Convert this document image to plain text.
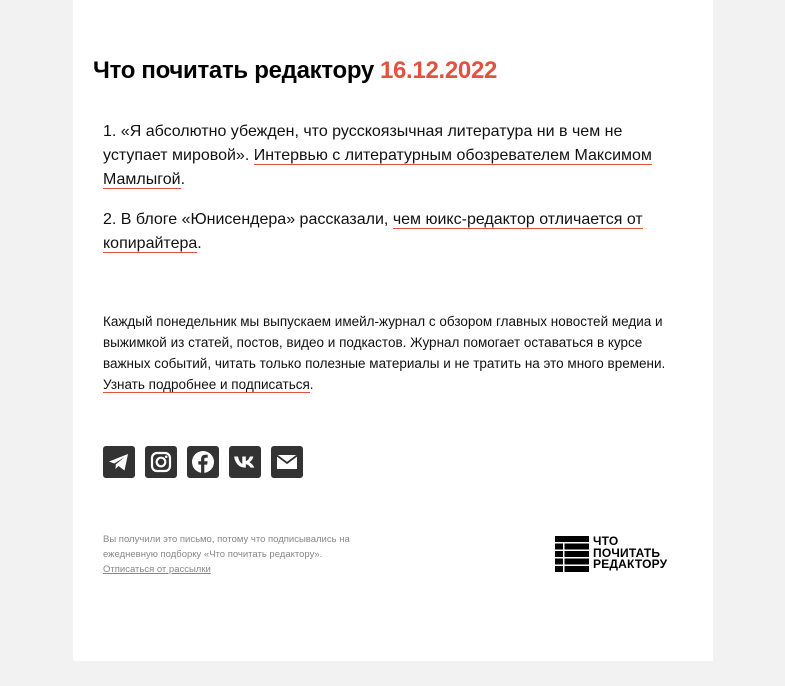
Что почитать редактору 16.12.2022

1. «Я абсолютно убежден, что русскоязычная литература ни в чем не уступает мировой». Интервью с литературным обозревателем Максимом Мамлыгой.

2. В блоге «Юнисендера» рассказали, чем юикс-редактор отличается от копирайтера.

Каждый понедельник мы выпускаем имейл-журнал с обзором главных новостей медиа и выжимкой из статей, постов, видео и подкастов. Журнал помогает оставаться в курсе важных событий, читать только полезные материалы и не тратить на это много времени. Узнать подробнее и подписаться.

Вы получили это письмо, потому что подписывались на ежедневную подборку «Что почитать редактору».
Отписаться от рассылки

ЧТО
ПОЧИТАТЬ
РЕДАКТОРУ
